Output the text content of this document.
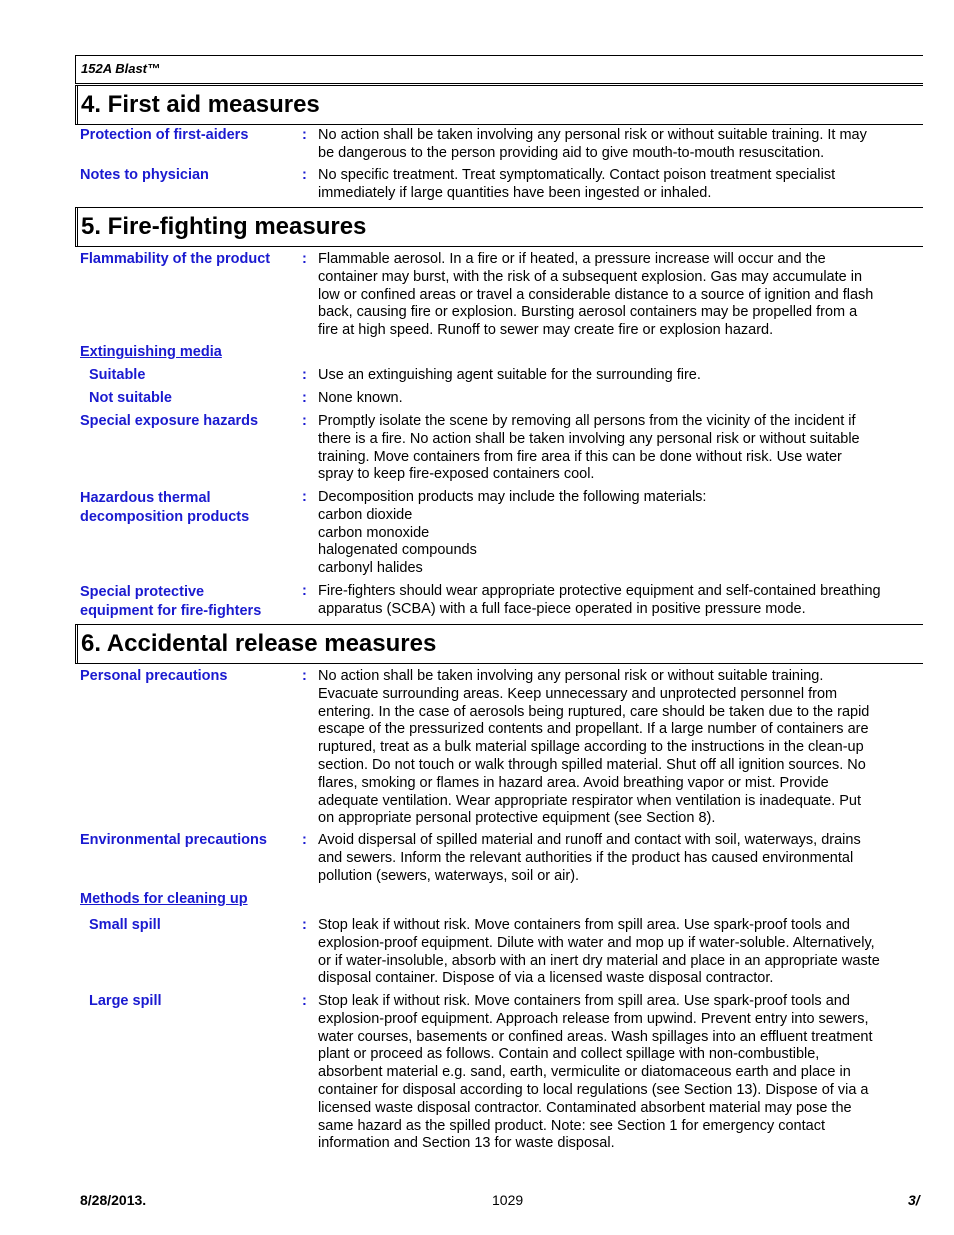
152A Blast™
4. First aid measures
Protection of first-aiders	: No action shall be taken involving any personal risk or without suitable training. It may
be dangerous to the person providing aid to give mouth-to-mouth resuscitation.
Notes to physician	: No specific treatment. Treat symptomatically. Contact poison treatment specialist
immediately if large quantities have been ingested or inhaled.
5. Fire-fighting measures
Flammability of the product	: Flammable aerosol. In a fire or if heated, a pressure increase will occur and the
container may burst, with the risk of a subsequent explosion. Gas may accumulate in
low or confined areas or travel a considerable distance to a source of ignition and flash
back, causing fire or explosion. Bursting aerosol containers may be propelled from a
fire at high speed. Runoff to sewer may create fire or explosion hazard.
Extinguishing media
Suitable	: Use an extinguishing agent suitable for the surrounding fire.
Not suitable	: None known.
Special exposure hazards	: Promptly isolate the scene by removing all persons from the vicinity of the incident if
there is a fire. No action shall be taken involving any personal risk or without suitable
training. Move containers from fire area if this can be done without risk. Use water
spray to keep fire-exposed containers cool.
Hazardous thermal
decomposition products
: Decomposition products may include the following materials:
carbon dioxide
carbon monoxide
halogenated compounds
carbonyl halides
Special protective
equipment for fire-fighters
: Fire-fighters should wear appropriate protective equipment and self-contained breathing
apparatus (SCBA) with a full face-piece operated in positive pressure mode.
6. Accidental release measures
Personal precautions	: No action shall be taken involving any personal risk or without suitable training.
Evacuate surrounding areas. Keep unnecessary and unprotected personnel from
entering. In the case of aerosols being ruptured, care should be taken due to the rapid
escape of the pressurized contents and propellant. If a large number of containers are
ruptured, treat as a bulk material spillage according to the instructions in the clean-up
section. Do not touch or walk through spilled material. Shut off all ignition sources. No
flares, smoking or flames in hazard area. Avoid breathing vapor or mist. Provide
adequate ventilation. Wear appropriate respirator when ventilation is inadequate. Put
on appropriate personal protective equipment (see Section 8).
Environmental precautions	: Avoid dispersal of spilled material and runoff and contact with soil, waterways, drains
and sewers. Inform the relevant authorities if the product has caused environmental
pollution (sewers, waterways, soil or air).
Methods for cleaning up
Small spill	: Stop leak if without risk. Move containers from spill area. Use spark-proof tools and
explosion-proof equipment. Dilute with water and mop up if water-soluble. Alternatively,
or if water-insoluble, absorb with an inert dry material and place in an appropriate waste
disposal container. Dispose of via a licensed waste disposal contractor.
Large spill	: Stop leak if without risk. Move containers from spill area. Use spark-proof tools and
explosion-proof equipment. Approach release from upwind. Prevent entry into sewers,
water courses, basements or confined areas. Wash spillages into an effluent treatment
plant or proceed as follows. Contain and collect spillage with non-combustible,
absorbent material e.g. sand, earth, vermiculite or diatomaceous earth and place in
container for disposal according to local regulations (see Section 13). Dispose of via a
licensed waste disposal contractor. Contaminated absorbent material may pose the
same hazard as the spilled product. Note: see Section 1 for emergency contact
information and Section 13 for waste disposal.
8/28/2013.	1029	3/
